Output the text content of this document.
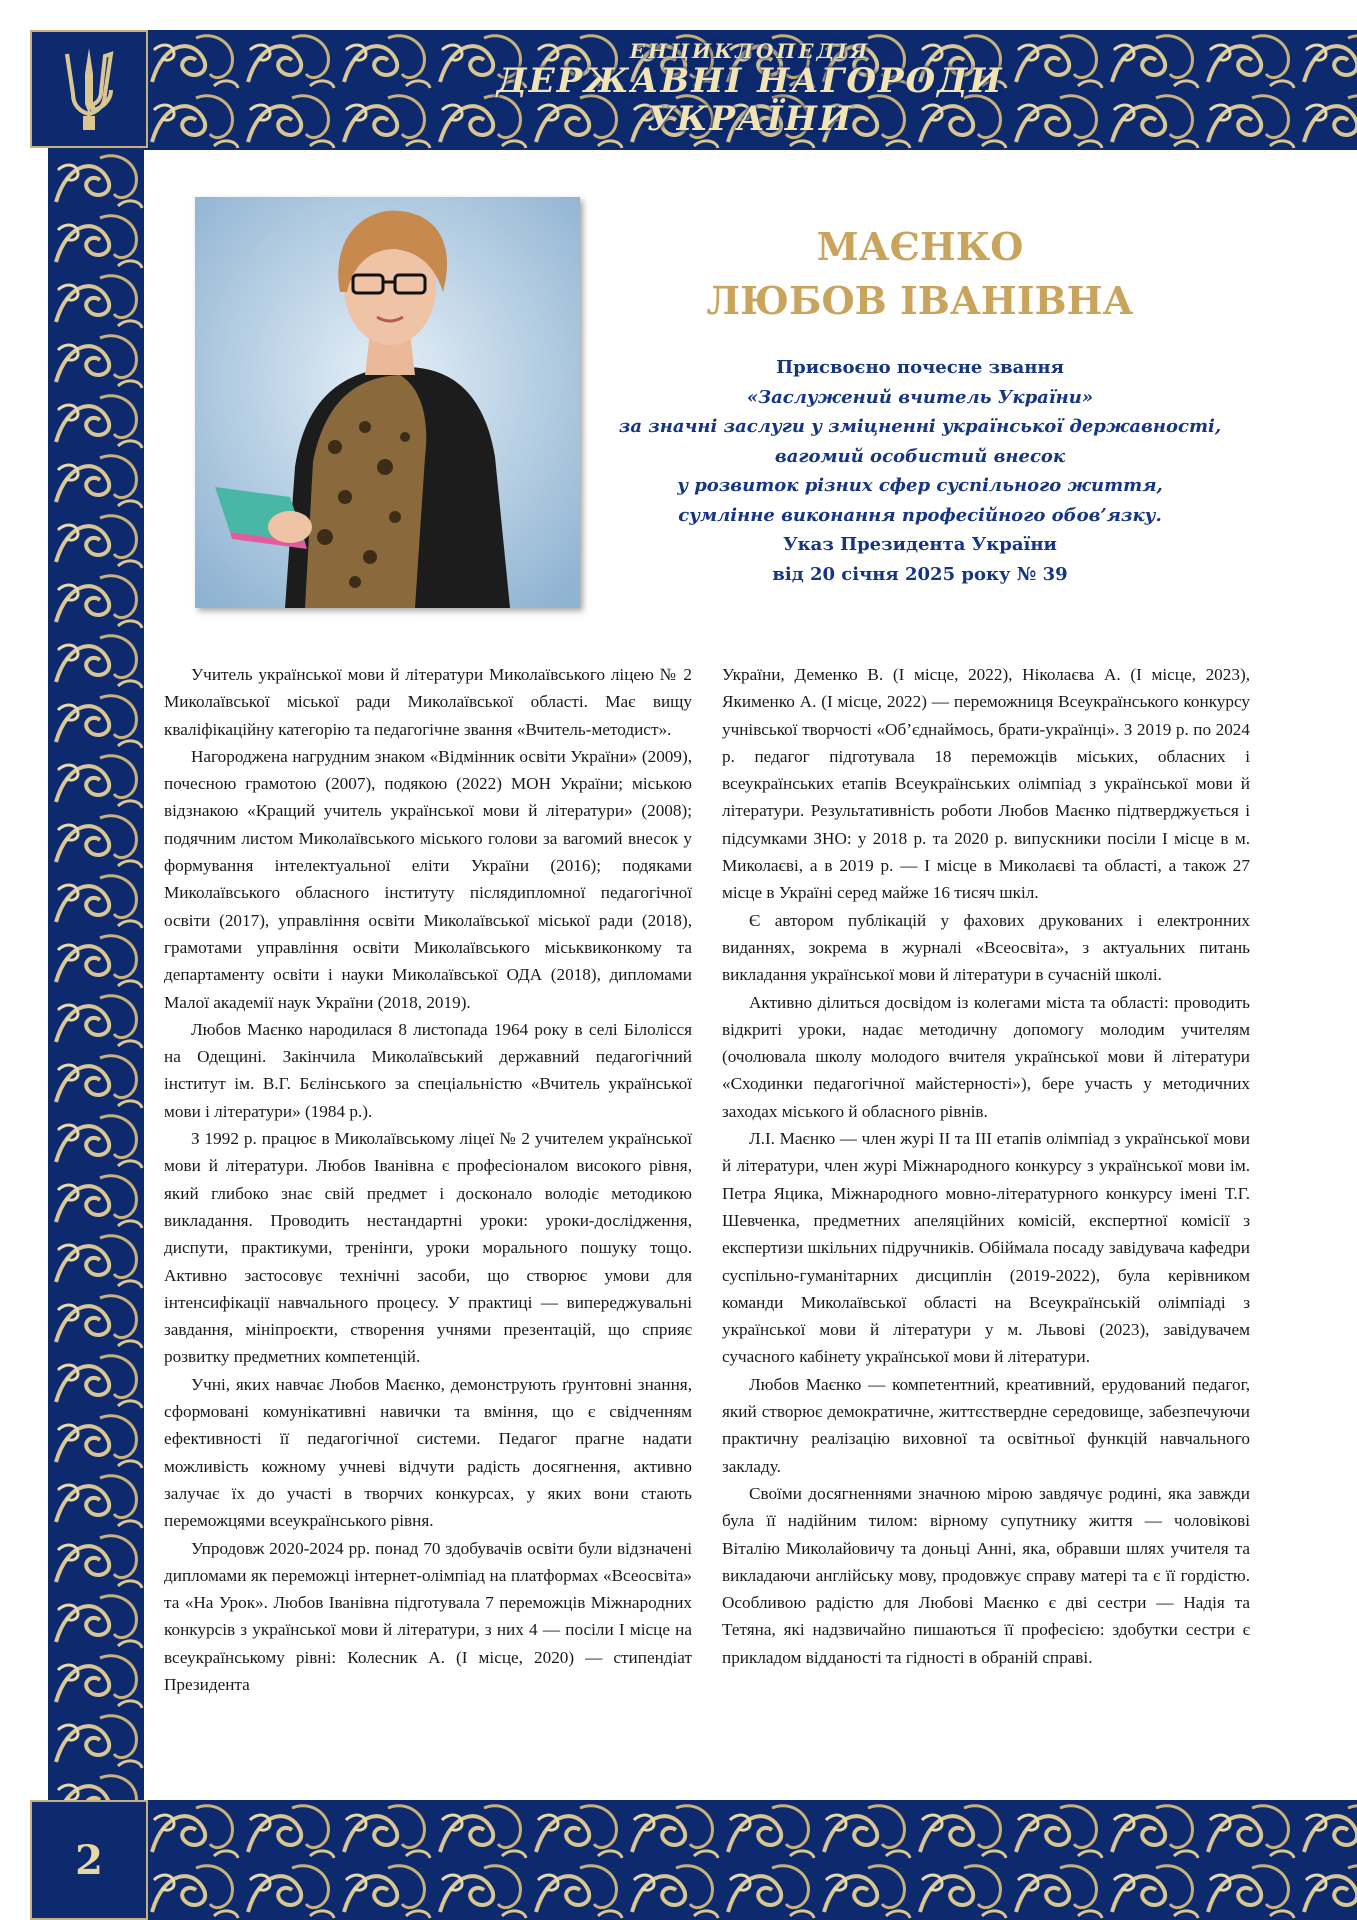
ЕНЦИКЛОПЕДІЯ
ДЕРЖАВНІ НАГОРОДИ
УКРАЇНИ
2
МАЄНКО
ЛЮБОВ ІВАНІВНА
Присвоєно почесне звання
«Заслужений вчитель України»
за значні заслуги у зміцненні української державності,
вагомий особистий внесок
у розвиток різних сфер суспільного життя,
сумлінне виконання професійного обов’язку.
Указ Президента України
від 20 січня 2025 року № 39

Учитель української мови й літератури Миколаївського ліцею № 2 Миколаївської міської ради Миколаївської області. Має вищу кваліфікаційну категорію та педагогічне звання «Вчитель-методист».

Нагороджена нагрудним знаком «Відмінник освіти України» (2009), почесною грамотою (2007), подякою (2022) МОН України; міською відзнакою «Кращий учитель української мови й літератури» (2008); подячним листом Миколаївського міського голови за вагомий внесок у формування інтелектуальної еліти України (2016); подяками Миколаївського обласного інституту післядипломної педагогічної освіти (2017), управління освіти Миколаївської міської ради (2018), грамотами управління освіти Миколаївського міськвиконкому та департаменту освіти і науки Миколаївської ОДА (2018), дипломами Малої академії наук України (2018, 2019).

Любов Маєнко народилася 8 листопада 1964 року в селі Білолісся на Одещині. Закінчила Миколаївський державний педагогічний інститут ім. В.Г. Бєлінського за спеціальністю «Вчитель української мови і літератури» (1984 р.).

З 1992 р. працює в Миколаївському ліцеї № 2 учителем української мови й літератури. Любов Іванівна є професіоналом високого рівня, який глибоко знає свій предмет і досконало володіє методикою викладання. Проводить нестандартні уроки: уроки-дослідження, диспути, практикуми, тренінги, уроки морального пошуку тощо. Активно застосовує технічні засоби, що створює умови для інтенсифікації навчального процесу. У практиці — випереджувальні завдання, мініпроєкти, створення учнями презентацій, що сприяє розвитку предметних компетенцій.

Учні, яких навчає Любов Маєнко, демонструють ґрунтовні знання, сформовані комунікативні навички та вміння, що є свідченням ефективності її педагогічної системи. Педагог прагне надати можливість кожному учневі відчути радість досягнення, активно залучає їх до участі в творчих конкурсах, у яких вони стають переможцями всеукраїнського рівня.

Упродовж 2020-2024 рр. понад 70 здобувачів освіти були відзначені дипломами як переможці інтернет-олімпіад на платформах «Всеосвіта» та «На Урок». Любов Іванівна підготувала 7 переможців Міжнародних конкурсів з української мови й літератури, з них 4 — посіли І місце на всеукраїнському рівні: Колесник А. (І місце, 2020) — стипендіат Президента

України, Деменко В. (І місце, 2022), Ніколаєва А. (І місце, 2023), Якименко А. (І місце, 2022) — переможниця Всеукраїнського конкурсу учнівської творчості «Об’єднаймось, брати-українці». З 2019 р. по 2024 р. педагог підготувала 18 переможців міських, обласних і всеукраїнських етапів Всеукраїнських олімпіад з української мови й літератури. Результативність роботи Любов Маєнко підтверджується і підсумками ЗНО: у 2018 р. та 2020 р. випускники посіли І місце в м. Миколаєві, а в 2019 р. — І місце в Миколаєві та області, а також 27 місце в Україні серед майже 16 тисяч шкіл.

Є автором публікацій у фахових друкованих і електронних виданнях, зокрема в журналі «Всеосвіта», з актуальних питань викладання української мови й літератури в сучасній школі.

Активно ділиться досвідом із колегами міста та області: проводить відкриті уроки, надає методичну допомогу молодим учителям (очолювала школу молодого вчителя української мови й літератури «Сходинки педагогічної майстерності»), бере участь у методичних заходах міського й обласного рівнів.

Л.І. Маєнко — член журі ІІ та ІІІ етапів олімпіад з української мови й літератури, член журі Міжнародного конкурсу з української мови ім. Петра Яцика, Міжнародного мовно-літературного конкурсу імені Т.Г. Шевченка, предметних апеляційних комісій, експертної комісії з експертизи шкільних підручників. Обіймала посаду завідувача кафедри суспільно-гуманітарних дисциплін (2019-2022), була керівником команди Миколаївської області на Всеукраїнській олімпіаді з української мови й літератури у м. Львові (2023), завідувачем сучасного кабінету української мови й літератури.

Любов Маєнко — компетентний, креативний, ерудований педагог, який створює демократичне, життєствердне середовище, забезпечуючи практичну реалізацію виховної та освітньої функцій навчального закладу.

Своїми досягненнями значною мірою завдячує родині, яка завжди була її надійним тилом: вірному супутнику життя — чоловікові Віталію Миколайовичу та доньці Анні, яка, обравши шлях учителя та викладаючи англійську мову, продовжує справу матері та є її гордістю. Особливою радістю для Любові Маєнко є дві сестри — Надія та Тетяна, які надзвичайно пишаються її професією: здобутки сестри є прикладом відданості та гідності в обраній справі.
